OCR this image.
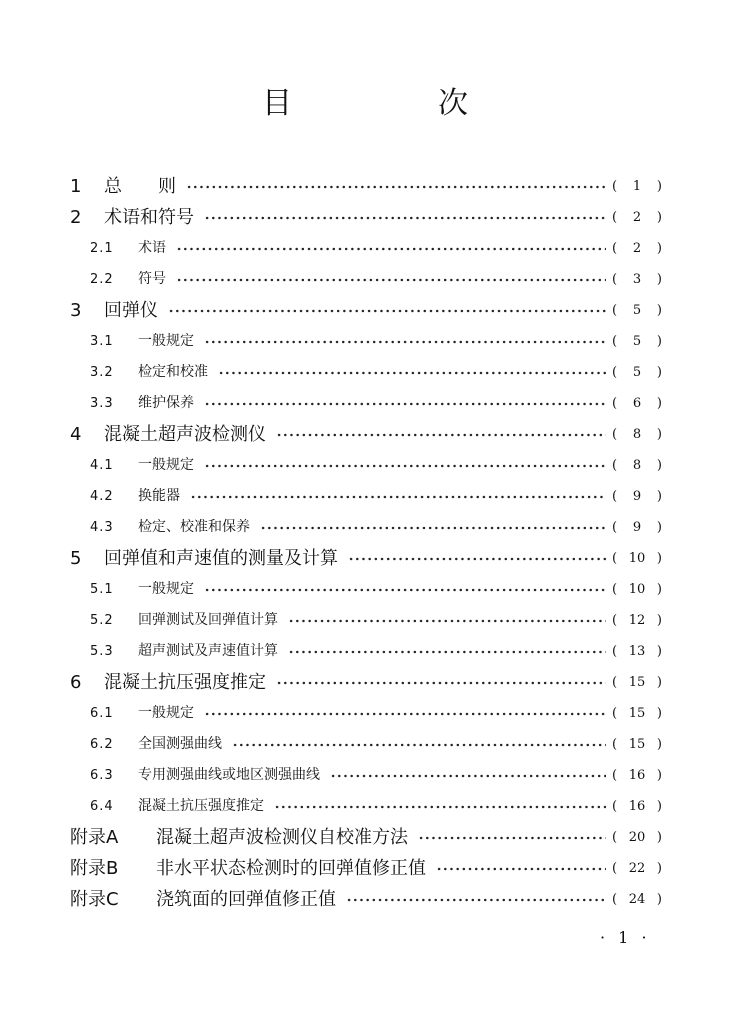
目　次
1 总　　则	(	1	)
2 术语和符号	(	2	)
2.1 术语	(	2	)
2.2 符号	(	3	)
3 回弹仪	(	5	)
3.1 一般规定	(	5	)
3.2 检定和校准	(	5	)
3.3 维护保养	(	6	)
4 混凝土超声波检测仪	(	8	)
4.1 一般规定	(	8	)
4.2 换能器	(	9	)
4.3 检定、校准和保养	(	9	)
5 回弹值和声速值的测量及计算	( 10 )
5.1 一般规定	( 10 )
5.2 回弹测试及回弹值计算	( 12 )
5.3 超声测试及声速值计算	( 13 )
6 混凝土抗压强度推定	( 15 )
6.1 一般规定	( 15 )
6.2 全国测强曲线	( 15 )
6.3 专用测强曲线或地区测强曲线	( 16 )
6.4 混凝土抗压强度推定	( 16 )
附录A 混凝土超声波检测仪自校准方法	( 20 )
附录B 非水平状态检测时的回弹值修正值	( 22 )
附录C 浇筑面的回弹值修正值	( 24 )
· 1 ·
